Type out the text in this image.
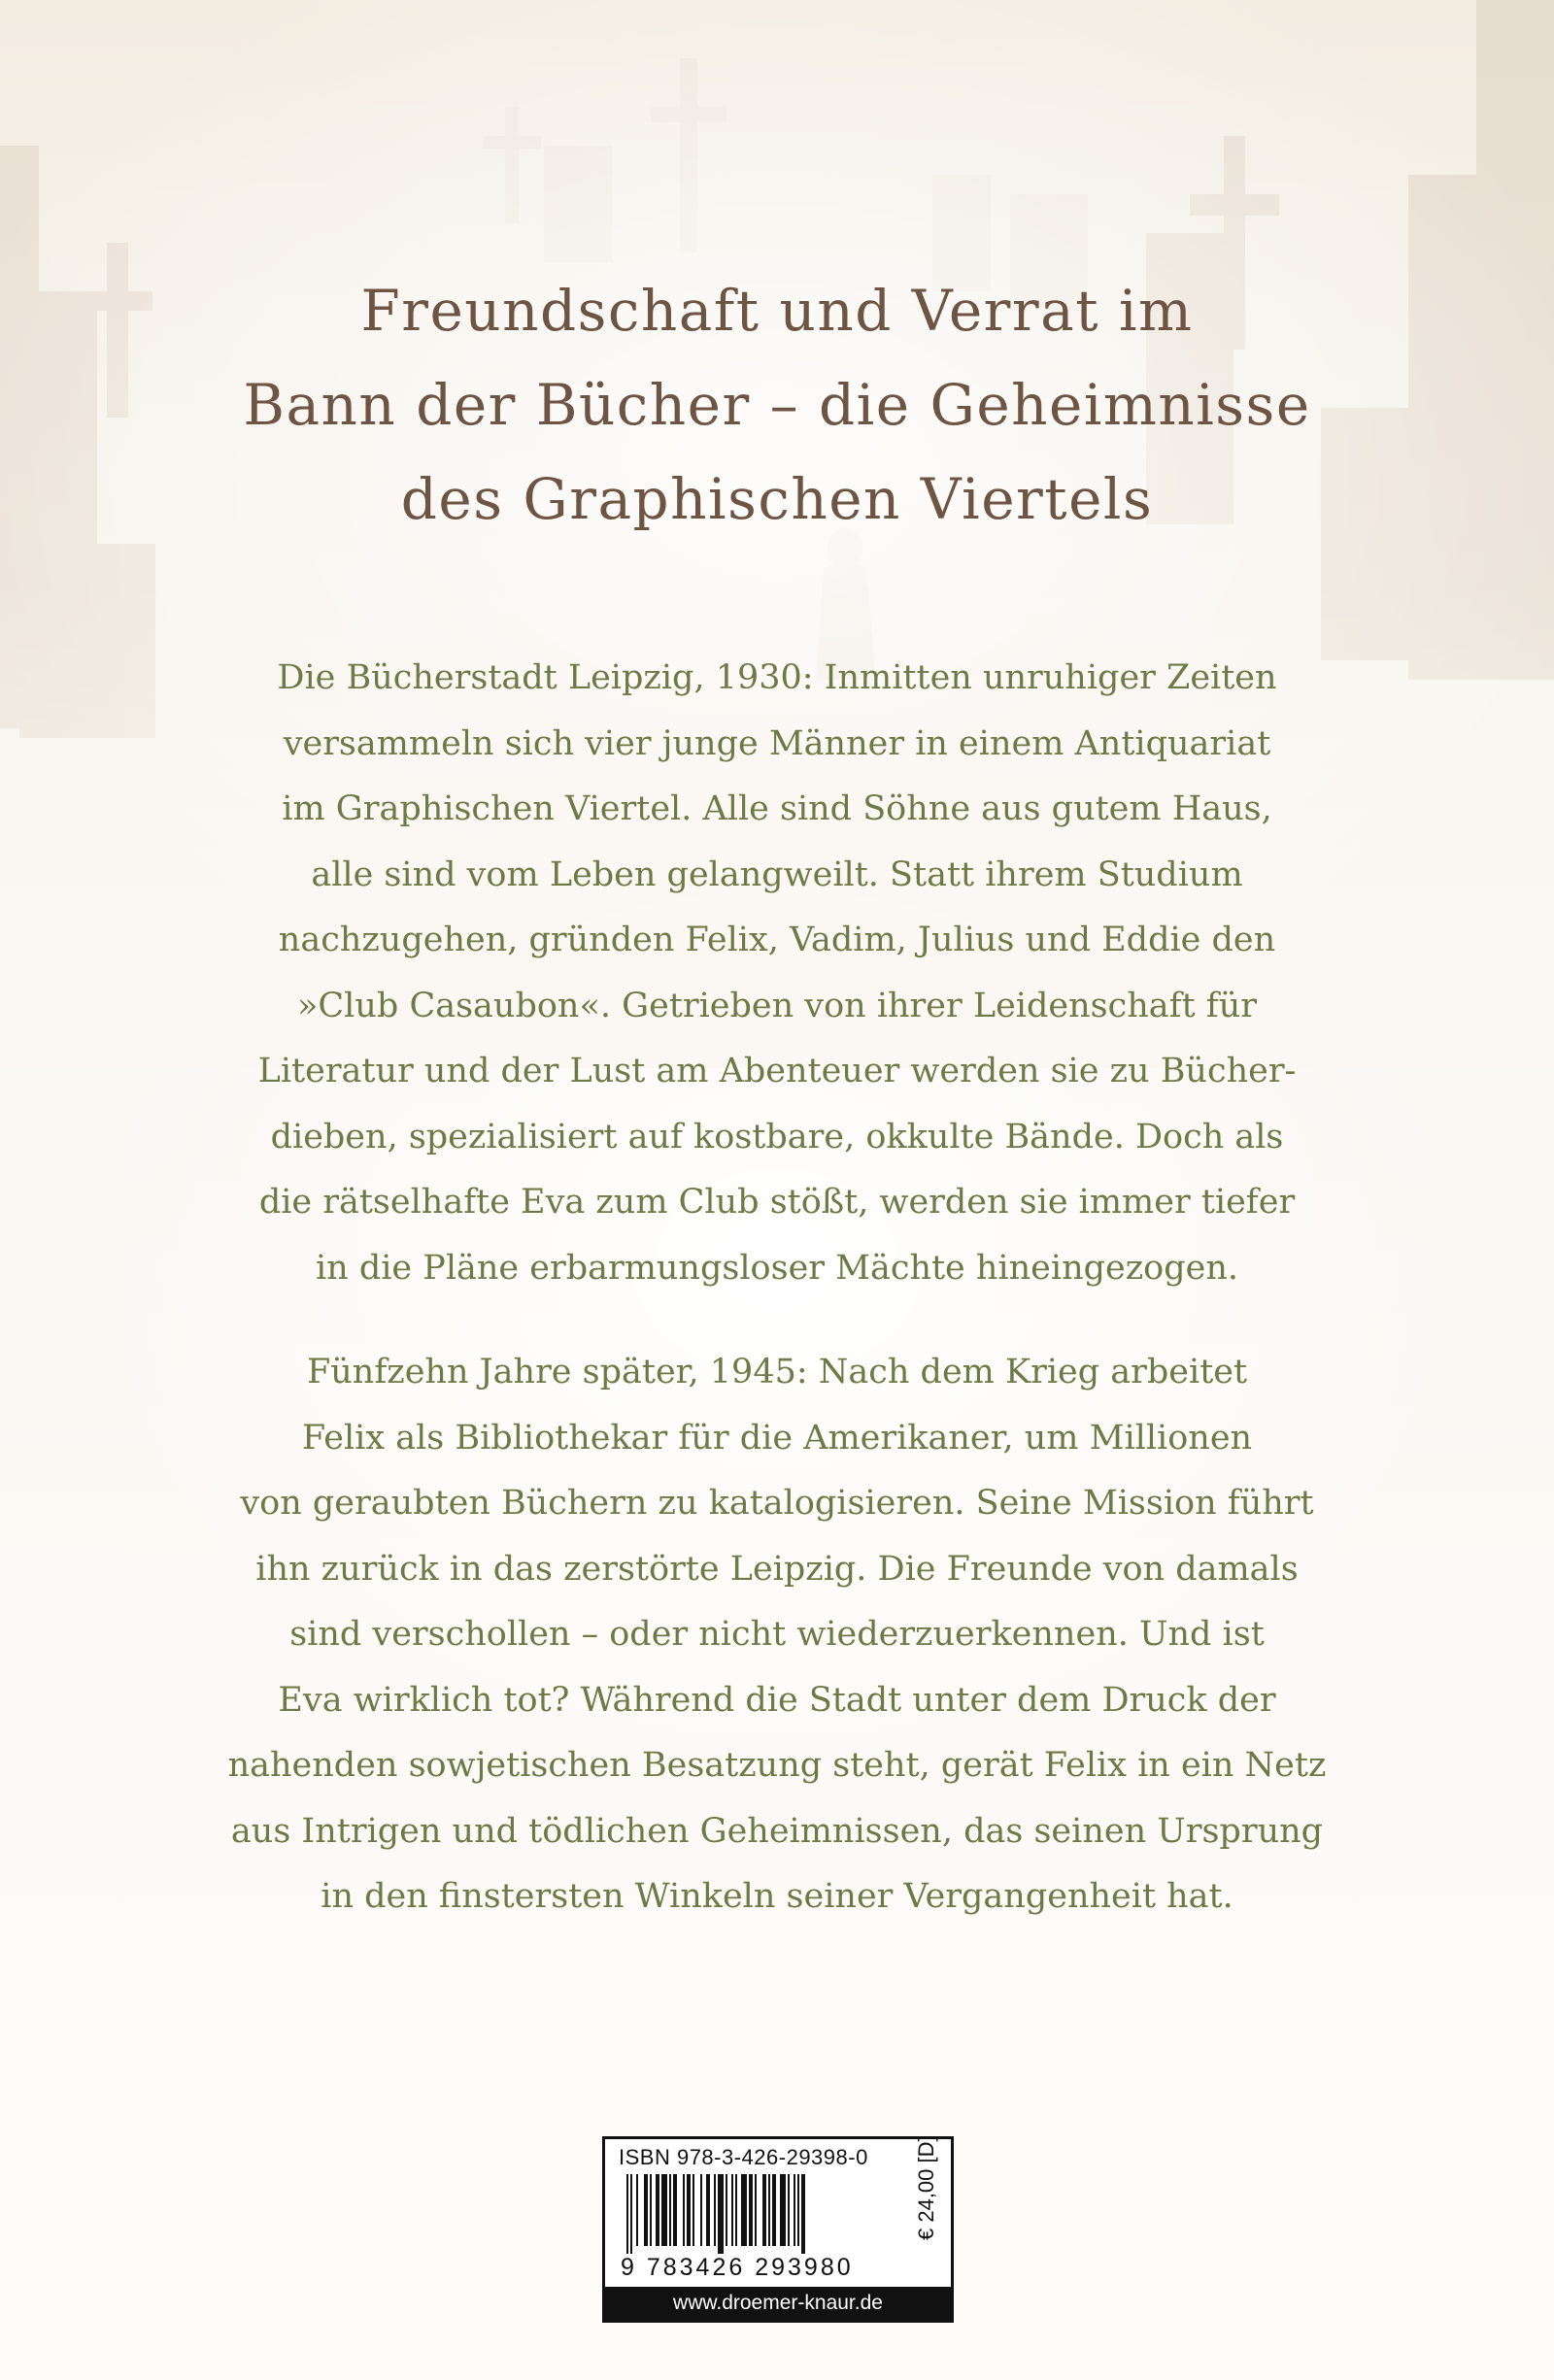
Freundschaft und Verrat im
Bann der Bücher – die Geheimnisse
des Graphischen Viertels

Die Bücherstadt Leipzig, 1930: Inmitten unruhiger Zeiten
versammeln sich vier junge Männer in einem Antiquariat
im Graphischen Viertel. Alle sind Söhne aus gutem Haus,
alle sind vom Leben gelangweilt. Statt ihrem Studium
nachzugehen, gründen Felix, Vadim, Julius und Eddie den
»Club Casaubon«. Getrieben von ihrer Leidenschaft für
Literatur und der Lust am Abenteuer werden sie zu Bücher-
dieben, spezialisiert auf kostbare, okkulte Bände. Doch als
die rätselhafte Eva zum Club stößt, werden sie immer tiefer
in die Pläne erbarmungsloser Mächte hineingezogen.

Fünfzehn Jahre später, 1945: Nach dem Krieg arbeitet
Felix als Bibliothekar für die Amerikaner, um Millionen
von geraubten Büchern zu katalogisieren. Seine Mission führt
ihn zurück in das zerstörte Leipzig. Die Freunde von damals
sind verschollen – oder nicht wiederzuerkennen. Und ist
Eva wirklich tot? Während die Stadt unter dem Druck der
nahenden sowjetischen Besatzung steht, gerät Felix in ein Netz
aus Intrigen und tödlichen Geheimnissen, das seinen Ursprung
in den finstersten Winkeln seiner Vergangenheit hat.

ISBN 978-3-426-29398-0
9 783426 293980
€ 24,00 [D]
www.droemer-knaur.de
